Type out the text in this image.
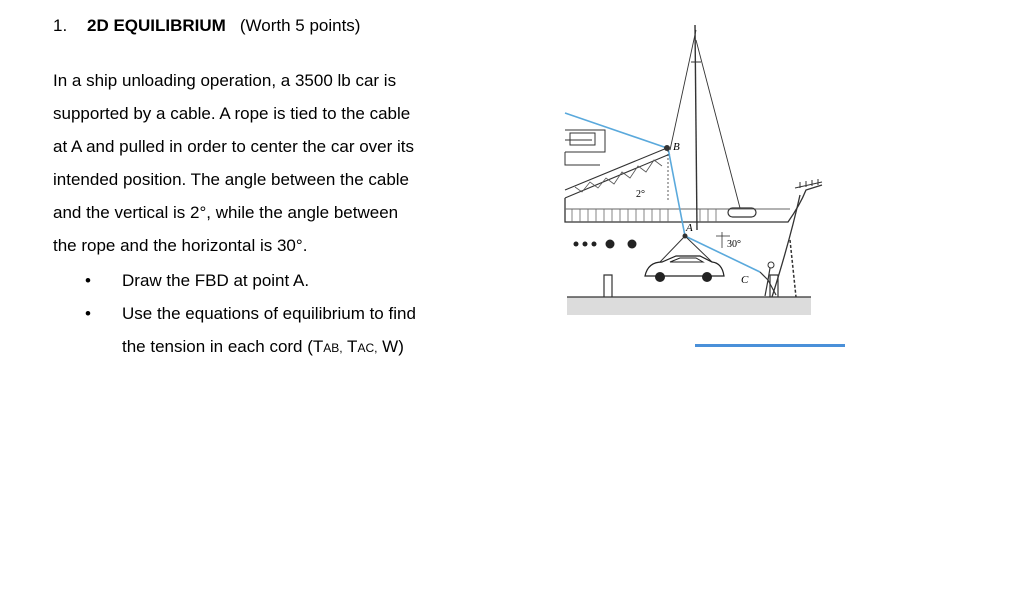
1. 2D EQUILIBRIUM (Worth 5 points)
In a ship unloading operation, a 3500 lb car is
supported by a cable. A rope is tied to the cable
at A and pulled in order to center the car over its
intended position. The angle between the cable
and the vertical is 2°, while the angle between
the rope and the horizontal is 30°.
•	Draw the FBD at point A.
•	Use the equations of equilibrium to find
the tension in each cord (TAB, TAC, W)
B
A
C
2°
30°
